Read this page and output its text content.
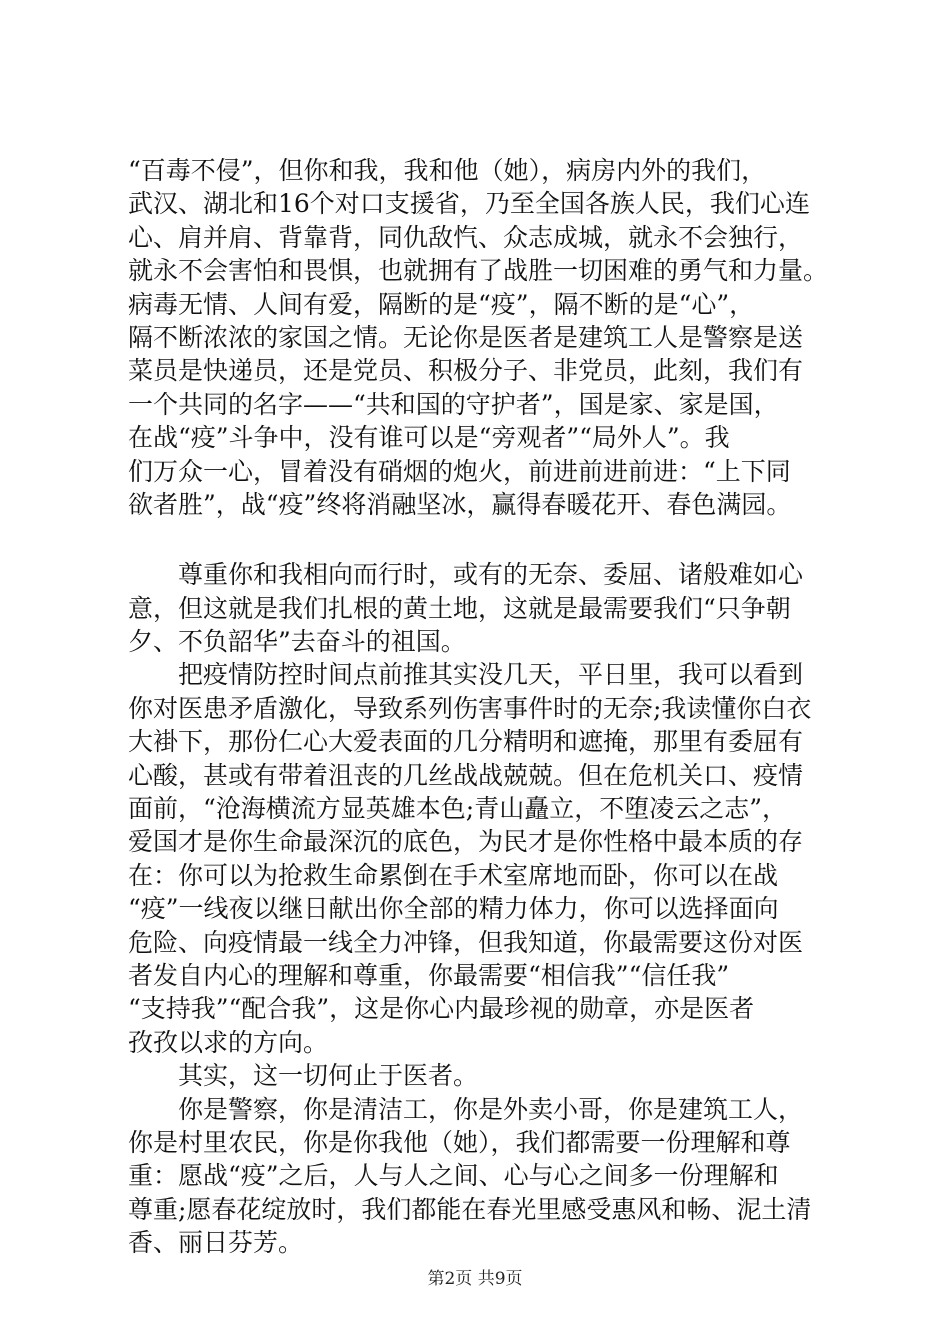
“百毒不侵”，但你和我，我和他（她），病房内外的我们，
武汉、湖北和16个对口支援省，乃至全国各族人民，我们心连
心、肩并肩、背靠背，同仇敌忾、众志成城，就永不会独行，
就永不会害怕和畏惧，也就拥有了战胜一切困难的勇气和力量。
病毒无情、人间有爱，隔断的是“疫”，隔不断的是“心”，
隔不断浓浓的家国之情。无论你是医者是建筑工人是警察是送
菜员是快递员，还是党员、积极分子、非党员，此刻，我们有
一个共同的名字——“共和国的守护者”，国是家、家是国，
在战“疫”斗争中，没有谁可以是“旁观者”“局外人”。我
们万众一心，冒着没有硝烟的炮火，前进前进前进：“上下同
欲者胜”，战“疫”终将消融坚冰，赢得春暖花开、春色满园。
　　尊重你和我相向而行时，或有的无奈、委屈、诸般难如心
意，但这就是我们扎根的黄土地，这就是最需要我们“只争朝
夕、不负韶华”去奋斗的祖国。
　　把疫情防控时间点前推其实没几天，平日里，我可以看到
你对医患矛盾激化，导致系列伤害事件时的无奈;我读懂你白衣
大褂下，那份仁心大爱表面的几分精明和遮掩，那里有委屈有
心酸，甚或有带着沮丧的几丝战战兢兢。但在危机关口、疫情
面前，“沧海横流方显英雄本色;青山矗立，不堕凌云之志”，
爱国才是你生命最深沉的底色，为民才是你性格中最本质的存
在：你可以为抢救生命累倒在手术室席地而卧，你可以在战
“疫”一线夜以继日献出你全部的精力体力，你可以选择面向
危险、向疫情最一线全力冲锋，但我知道，你最需要这份对医
者发自内心的理解和尊重，你最需要“相信我”“信任我”
“支持我”“配合我”，这是你心内最珍视的勋章，亦是医者
孜孜以求的方向。
　　其实，这一切何止于医者。
　　你是警察，你是清洁工，你是外卖小哥，你是建筑工人，
你是村里农民，你是你我他（她），我们都需要一份理解和尊
重：愿战“疫”之后，人与人之间、心与心之间多一份理解和
尊重;愿春花绽放时，我们都能在春光里感受惠风和畅、泥土清
香、丽日芬芳。
第2页 共9页
